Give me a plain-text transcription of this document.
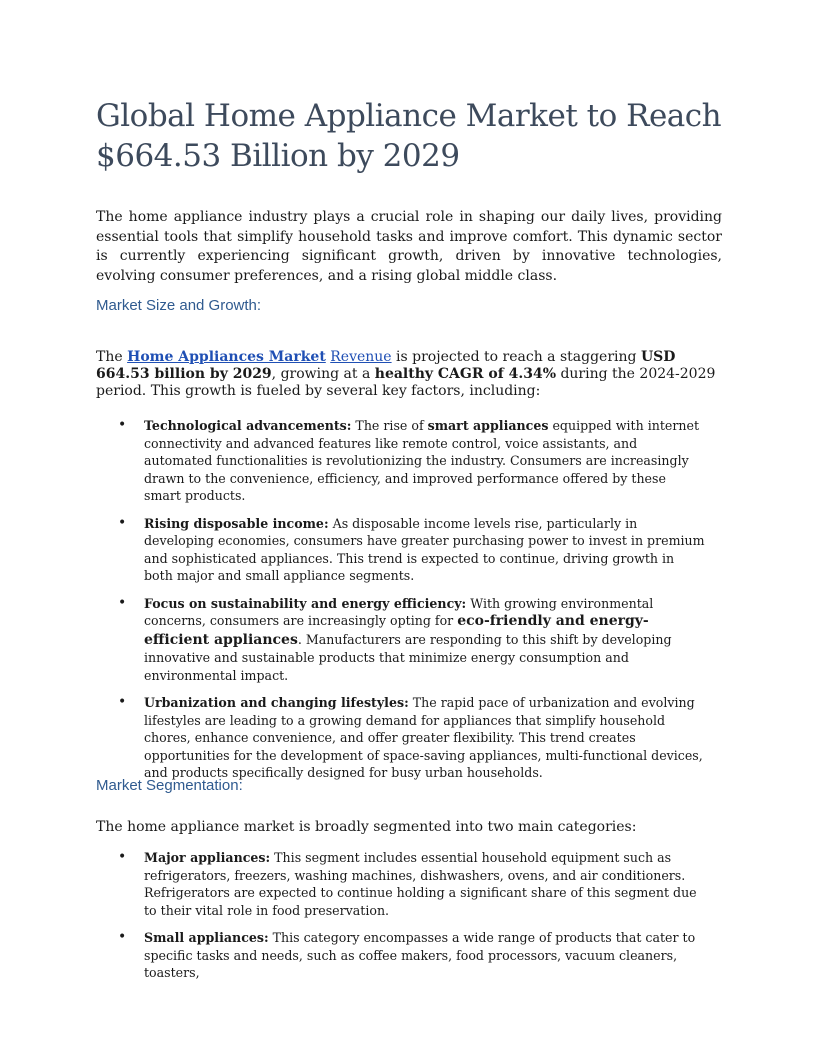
Global Home Appliance Market to Reach $664.53 Billion by 2029

The home appliance industry plays a crucial role in shaping our daily lives, providing essential tools that simplify household tasks and improve comfort. This dynamic sector is currently experiencing significant growth, driven by innovative technologies, evolving consumer preferences, and a rising global middle class.

Market Size and Growth:

The Home Appliances Market Revenue is projected to reach a staggering USD 664.53 billion by 2029, growing at a healthy CAGR of 4.34% during the 2024-2029 period. This growth is fueled by several key factors, including:

• Technological advancements: The rise of smart appliances equipped with internet connectivity and advanced features like remote control, voice assistants, and automated functionalities is revolutionizing the industry. Consumers are increasingly drawn to the convenience, efficiency, and improved performance offered by these smart products.
• Rising disposable income: As disposable income levels rise, particularly in developing economies, consumers have greater purchasing power to invest in premium and sophisticated appliances. This trend is expected to continue, driving growth in both major and small appliance segments.
• Focus on sustainability and energy efficiency: With growing environmental concerns, consumers are increasingly opting for eco-friendly and energy-efficient appliances. Manufacturers are responding to this shift by developing innovative and sustainable products that minimize energy consumption and environmental impact.
• Urbanization and changing lifestyles: The rapid pace of urbanization and evolving lifestyles are leading to a growing demand for appliances that simplify household chores, enhance convenience, and offer greater flexibility. This trend creates opportunities for the development of space-saving appliances, multi-functional devices, and products specifically designed for busy urban households.

Market Segmentation:

The home appliance market is broadly segmented into two main categories:

• Major appliances: This segment includes essential household equipment such as refrigerators, freezers, washing machines, dishwashers, ovens, and air conditioners. Refrigerators are expected to continue holding a significant share of this segment due to their vital role in food preservation.
• Small appliances: This category encompasses a wide range of products that cater to specific tasks and needs, such as coffee makers, food processors, vacuum cleaners, toasters,
